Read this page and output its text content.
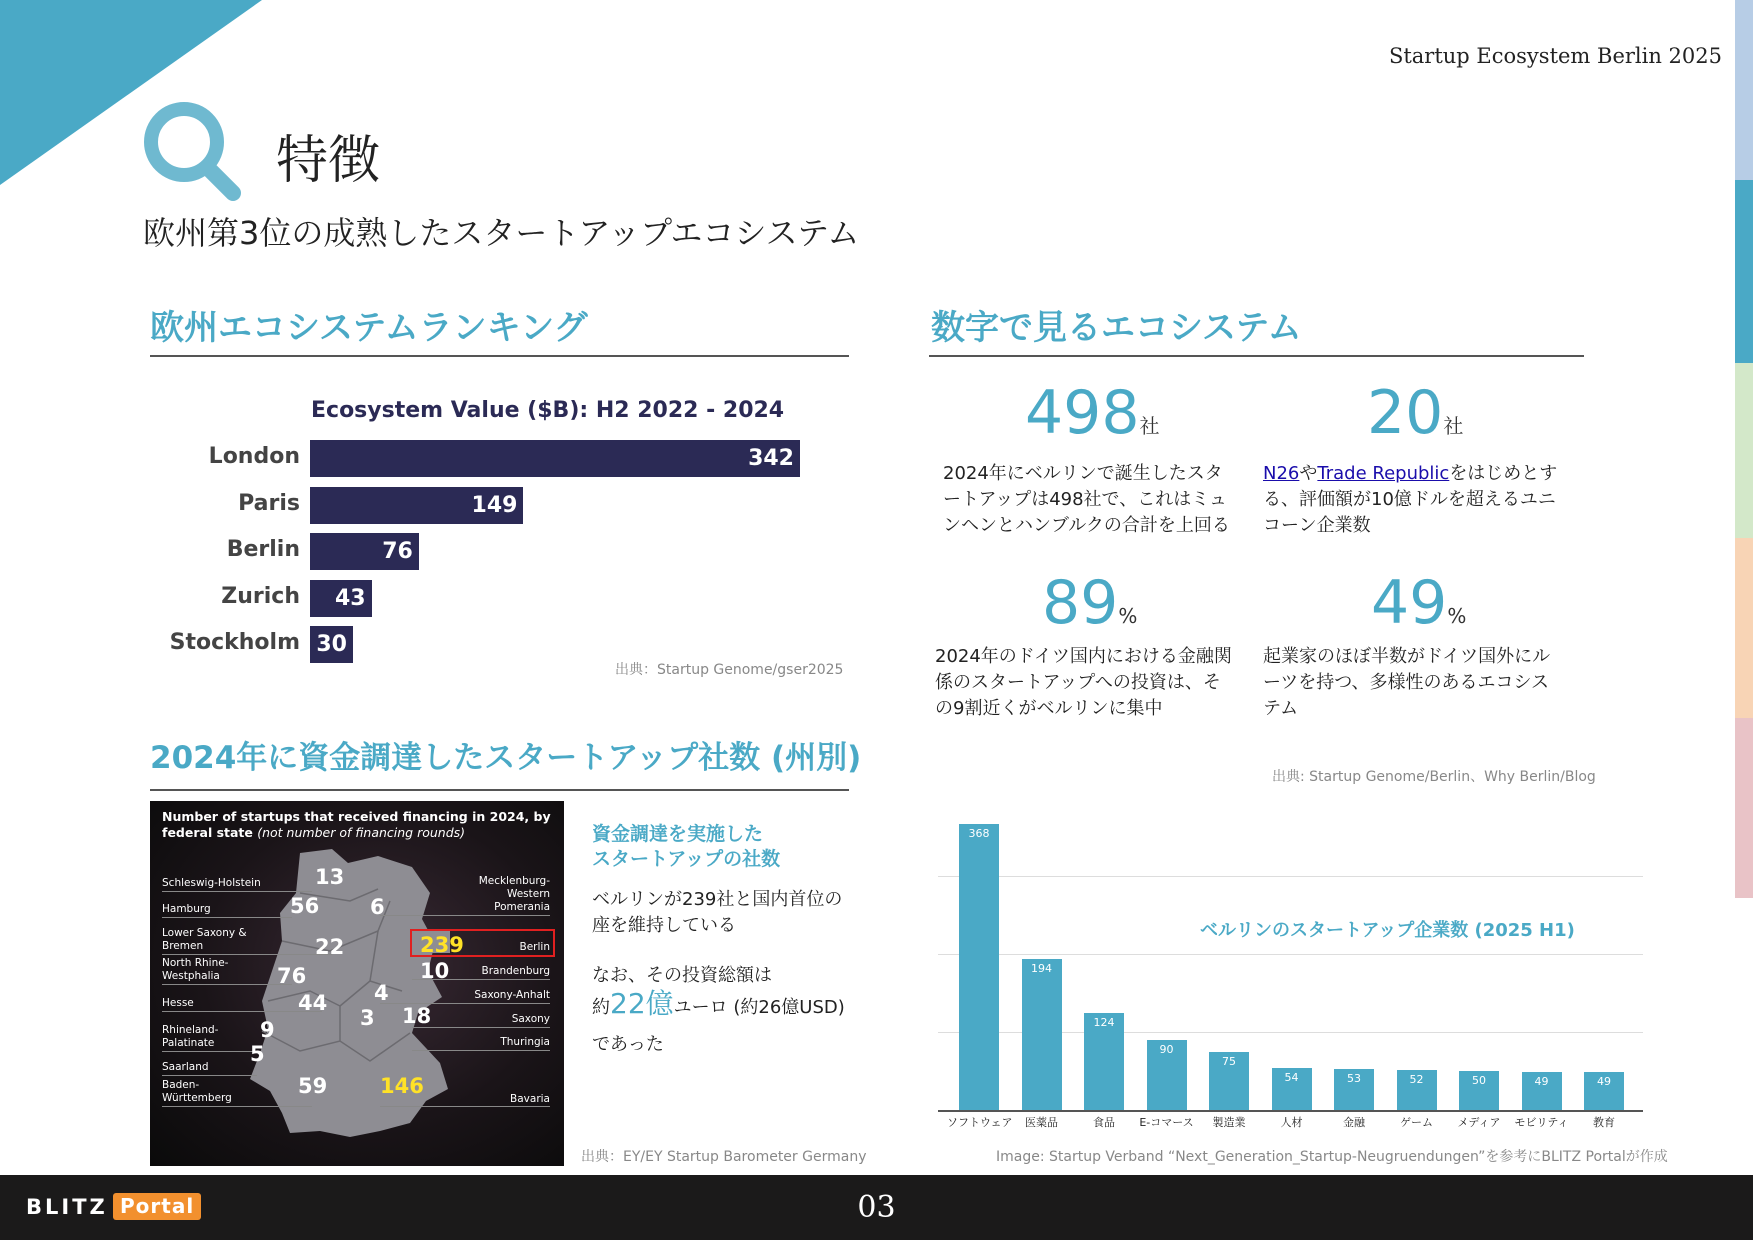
Startup Ecosystem Berlin 2025
特徴
欧州第3位の成熟したスタートアップエコシステム
欧州エコシステムランキング
Ecosystem Value ($B): H2 2022 - 2024
London	342
Paris	149
Berlin	76
Zurich	43
Stockholm 30
出典：Startup Genome/gser2025
数字で見るエコシステム
498社
2024年にベルリンで誕生したスタートアップは498社で、これはミュンヘンとハンブルクの合計を上回る
20社
N26やTrade Republicをはじめとする、評価額が10億ドルを超えるユニコーン企業数
89%
2024年のドイツ国内における金融関係のスタートアップへの投資は、その9割近くがベルリンに集中
49%
起業家のほぼ半数がドイツ国外にルーツを持つ、多様性のあるエコシステム
出典: Startup Genome/Berlin、Why Berlin/Blog
2024年に資金調達したスタートアップ社数 (州別)
Number of startups that received financing in 2024, by federal state (not number of financing rounds)
Schleswig-Holstein
Hamburg
Lower Saxony & Bremen
North Rhine-Westphalia
Hesse
Rhineland-Palatinate
Saarland
Baden-Württemberg
Mecklenburg-Western Pomerania
Berlin
Brandenburg
Saxony-Anhalt
Saxony
Thuringia
Bavaria
13
56
22
76
44
9
5
59
6
239
10
4
18
3
146
資金調達を実施した
スタートアップの社数
ベルリンが239社と国内首位の座を維持している
なお、その投資総額は
約22億ユーロ (約26億USD)
であった
出典：EY/EY Startup Barometer Germany
368
ソフトウェア
194
医薬品
124
食品
90
E-コマース
75
製造業
54
人材
53
金融
52
ゲーム
50
メディア
49
モビリティ
49
教育
ベルリンのスタートアップ企業数 (2025 H1)
Image: Startup Verband “Next_Generation_Startup-Neugruendungen”を参考にBLITZ Portalが作成
BLITZ Portal	03
